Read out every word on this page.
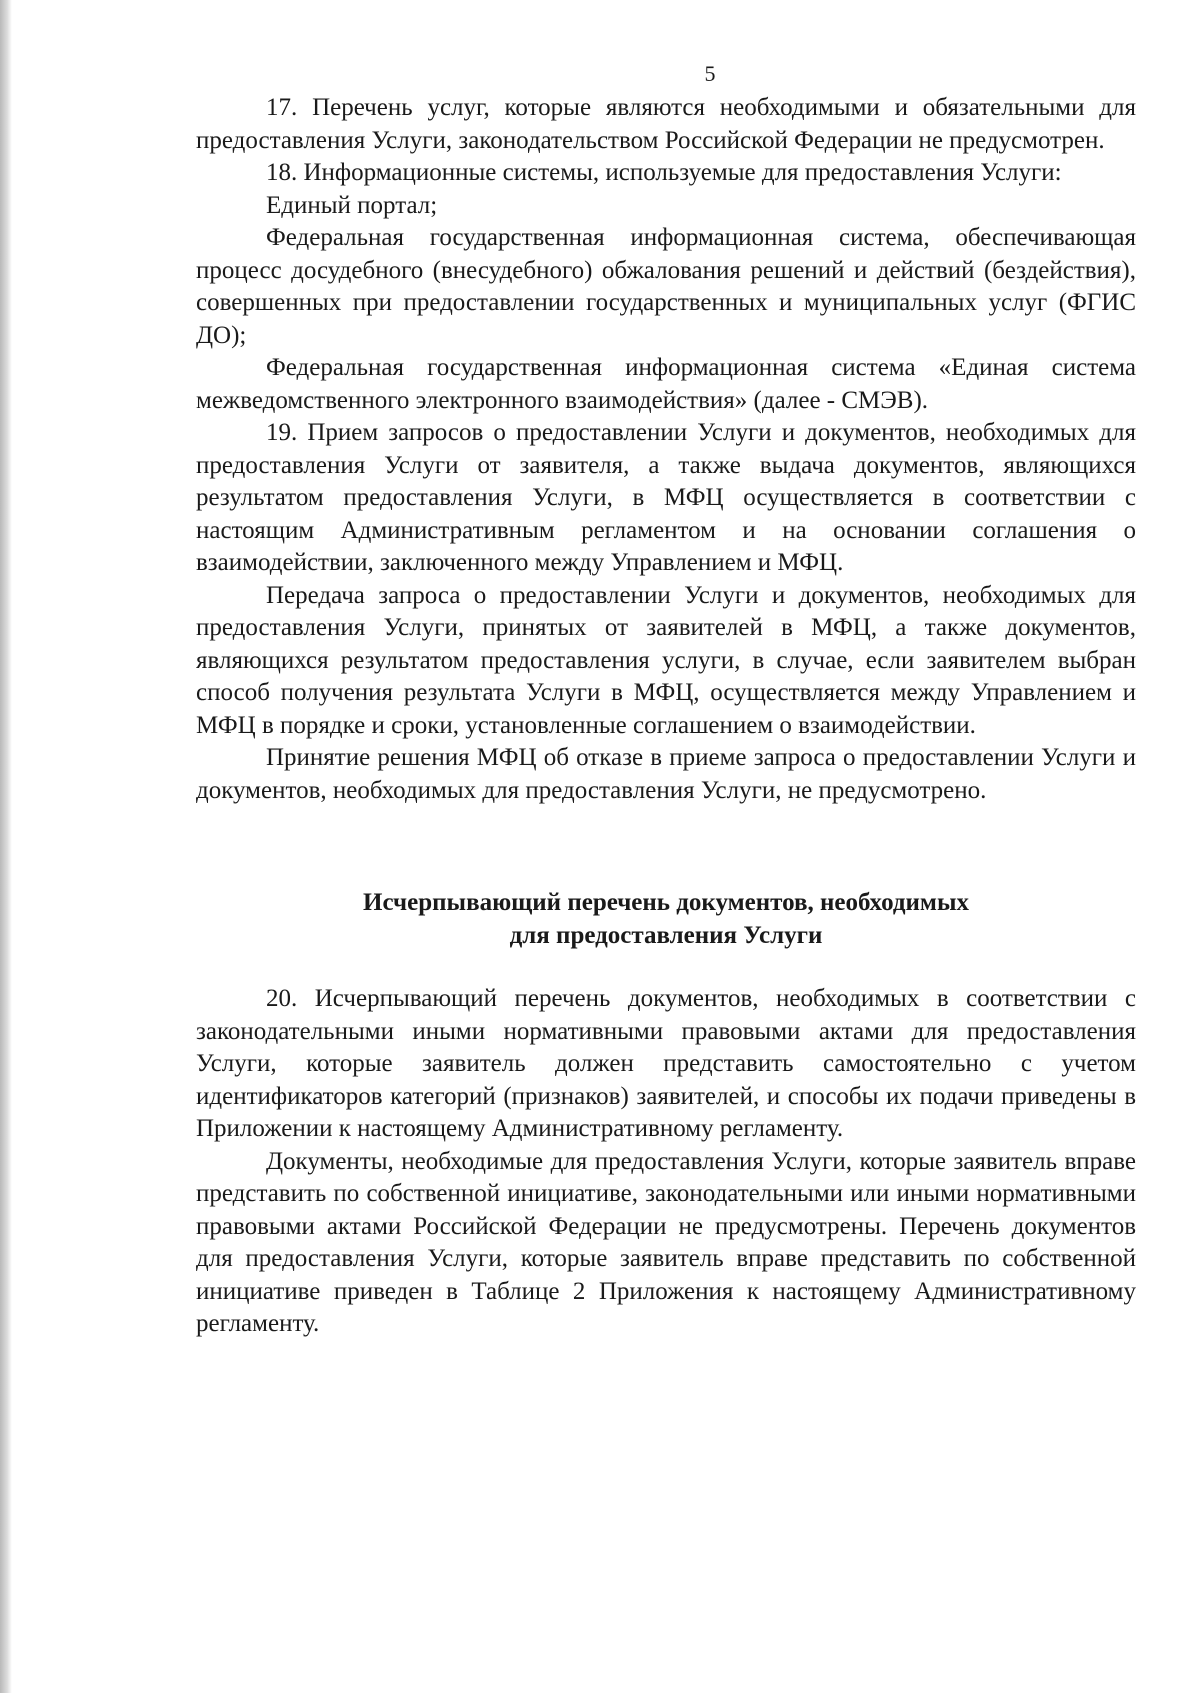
5

17. Перечень услуг, которые являются необходимыми и обязательными для предоставления Услуги, законодательством Российской Федерации не предусмотрен.

18. Информационные системы, используемые для предоставления Услуги:

Единый портал;

Федеральная государственная информационная система, обеспечивающая процесс досудебного (внесудебного) обжалования решений и действий (бездействия), совершенных при предоставлении государственных и муниципальных услуг (ФГИС ДО);

Федеральная государственная информационная система «Единая система межведомственного электронного взаимодействия» (далее - СМЭВ).

19. Прием запросов о предоставлении Услуги и документов, необходимых для предоставления Услуги от заявителя, а также выдача документов, являющихся результатом предоставления Услуги, в МФЦ осуществляется в соответствии с настоящим Административным регламентом и на основании соглашения о взаимодействии, заключенного между Управлением и МФЦ.

Передача запроса о предоставлении Услуги и документов, необходимых для предоставления Услуги, принятых от заявителей в МФЦ, а также документов, являющихся результатом предоставления услуги, в случае, если заявителем выбран способ получения результата Услуги в МФЦ, осуществляется между Управлением и МФЦ в порядке и сроки, установленные соглашением о взаимодействии.

Принятие решения МФЦ об отказе в приеме запроса о предоставлении Услуги и документов, необходимых для предоставления Услуги, не предусмотрено.

Исчерпывающий перечень документов, необходимых
для предоставления Услуги

20. Исчерпывающий перечень документов, необходимых в соответствии с законодательными иными нормативными правовыми актами для предоставления Услуги, которые заявитель должен представить самостоятельно с учетом идентификаторов категорий (признаков) заявителей, и способы их подачи приведены в Приложении к настоящему Административному регламенту.

Документы, необходимые для предоставления Услуги, которые заявитель вправе представить по собственной инициативе, законодательными или иными нормативными правовыми актами Российской Федерации не предусмотрены. Перечень документов для предоставления Услуги, которые заявитель вправе представить по собственной инициативе приведен в Таблице 2 Приложения к настоящему Административному регламенту.
